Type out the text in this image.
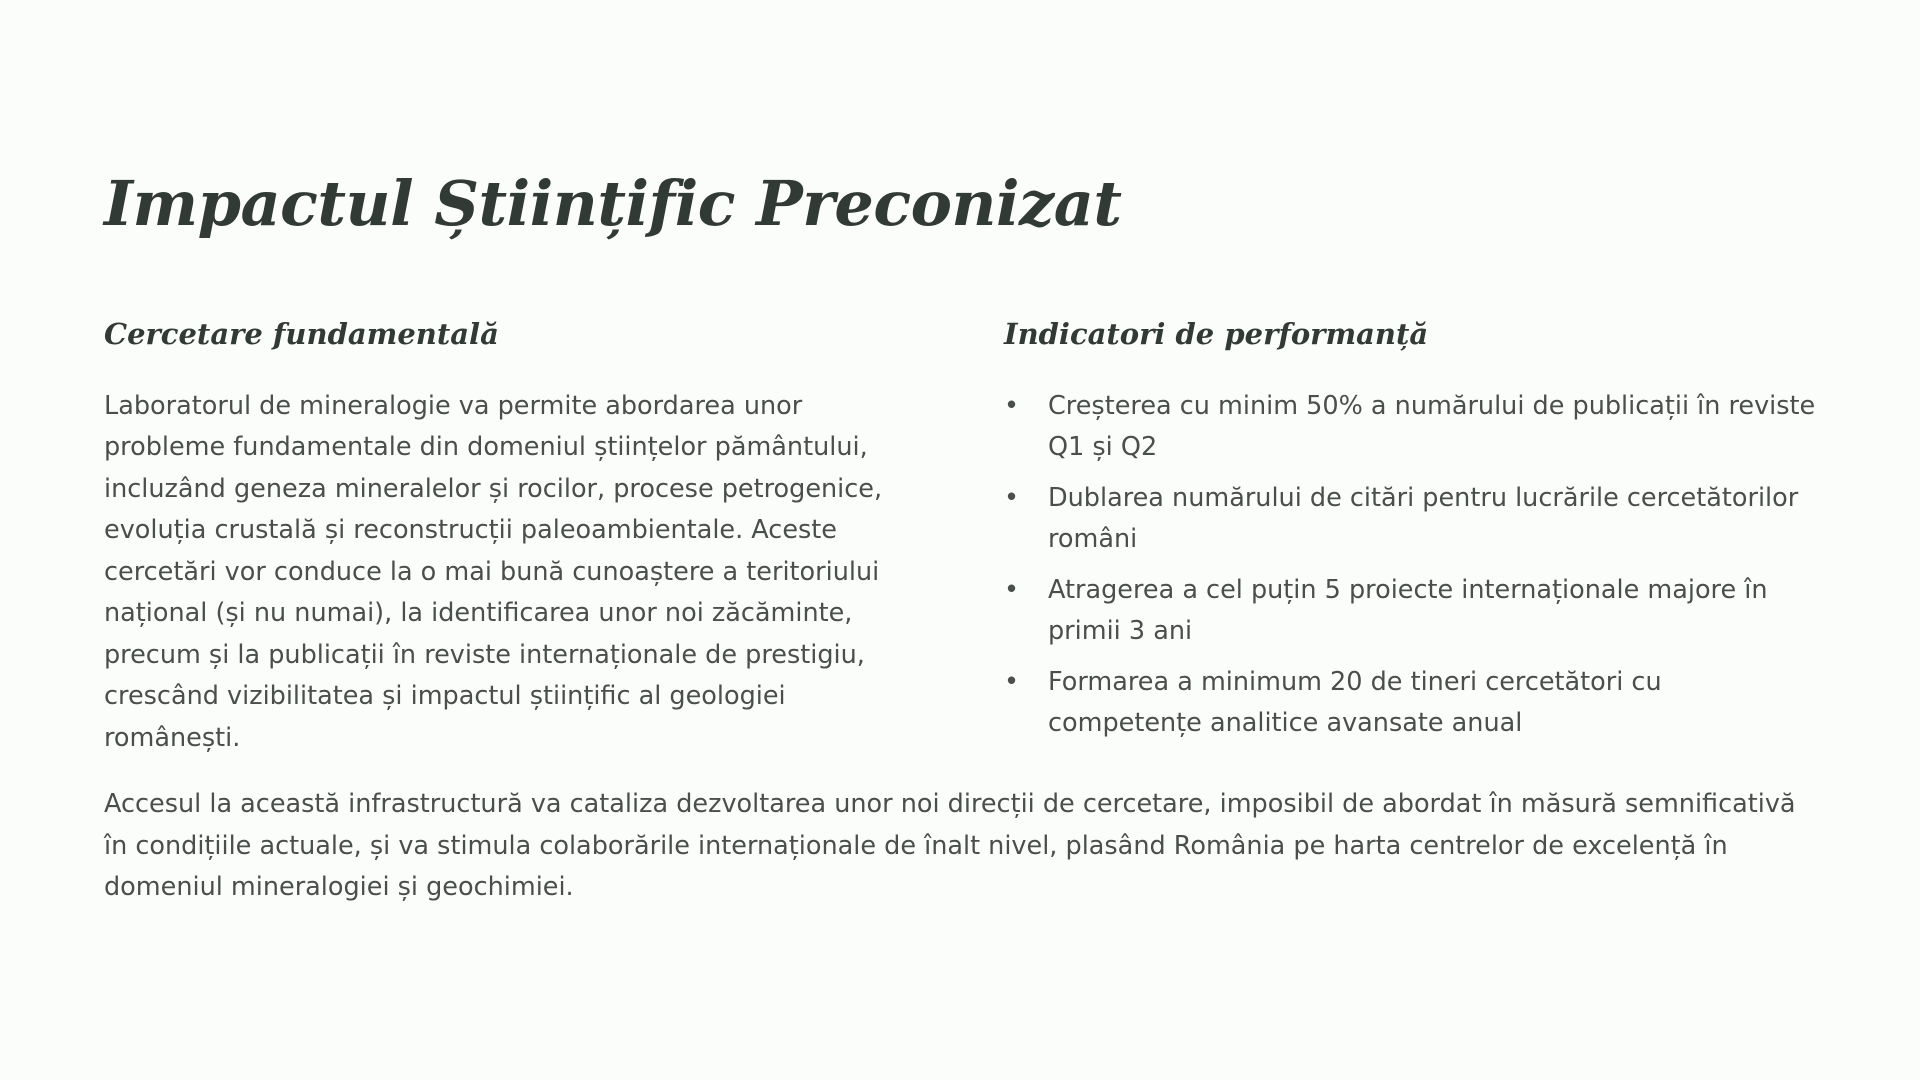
Impactul Științific Preconizat
Cercetare fundamentală

Laboratorul de mineralogie va permite abordarea unor probleme fundamentale din domeniul științelor pământului, incluzând geneza mineralelor și rocilor, procese petrogenice, evoluția crustală și reconstrucții paleoambientale. Aceste cercetări vor conduce la o mai bună cunoaștere a teritoriului național (și nu numai), la identificarea unor noi zăcăminte, precum și la publicații în reviste internaționale de prestigiu, crescând vizibilitatea și impactul științific al geologiei românești.

Indicatori de performanță
• Creșterea cu minim 50% a numărului de publicații în reviste Q1 și Q2
• Dublarea numărului de citări pentru lucrările cercetătorilor români
• Atragerea a cel puțin 5 proiecte internaționale majore în primii 3 ani
• Formarea a minimum 20 de tineri cercetători cu competențe analitice avansate anual

Accesul la această infrastructură va cataliza dezvoltarea unor noi direcții de cercetare, imposibil de abordat în măsură semnificativă în condițiile actuale, și va stimula colaborările internaționale de înalt nivel, plasând România pe harta centrelor de excelență în domeniul mineralogiei și geochimiei.
